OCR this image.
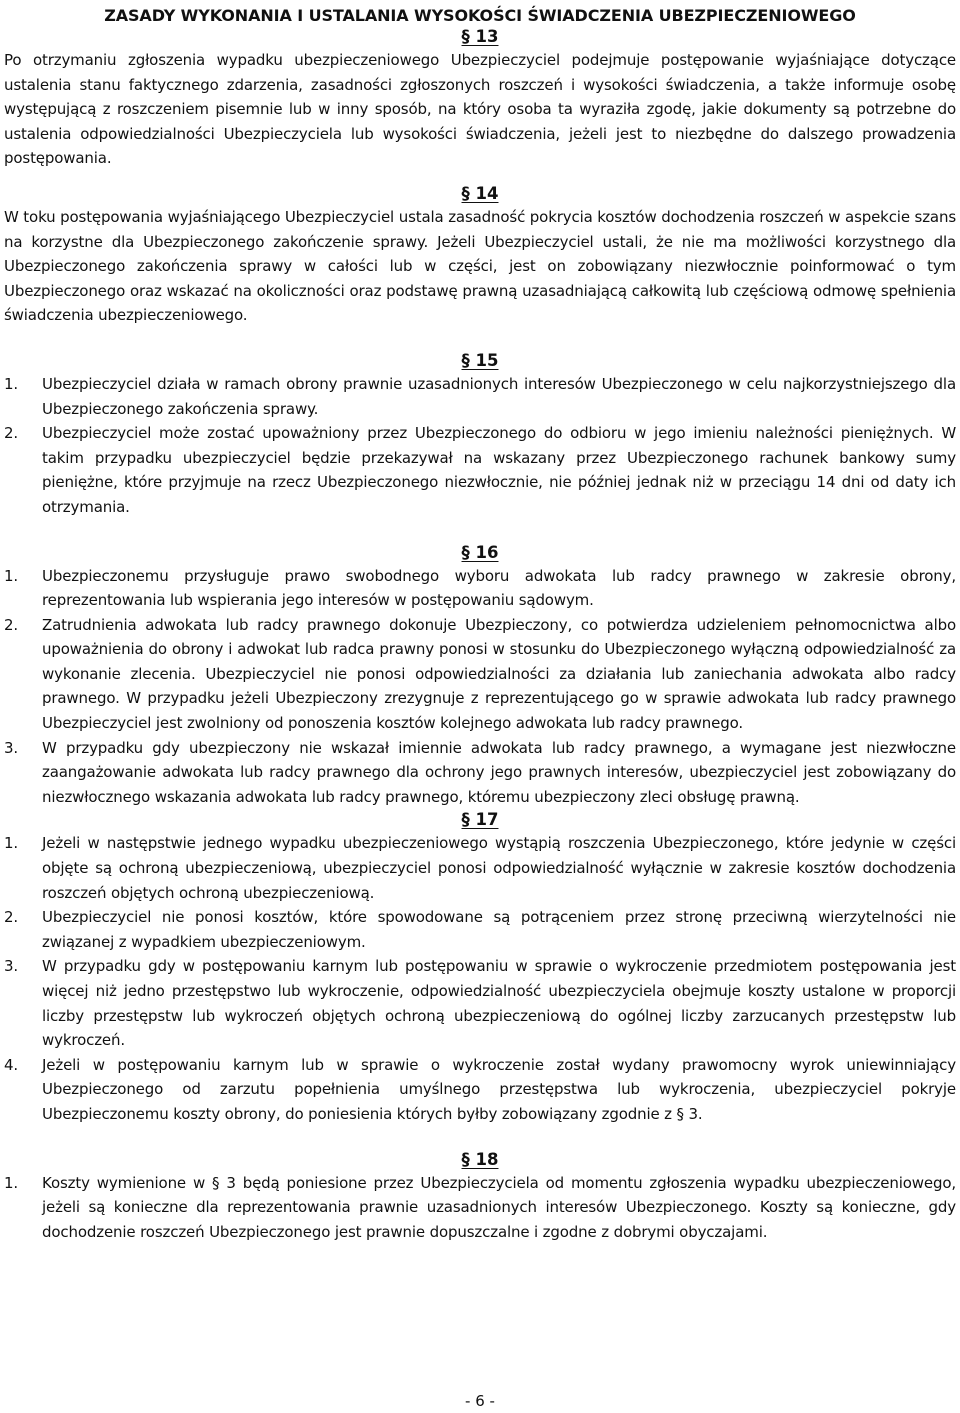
ZASADY WYKONANIA I USTALANIA WYSOKOŚCI ŚWIADCZENIA UBEZPIECZENIOWEGO
§ 13

Po otrzymaniu zgłoszenia wypadku ubezpieczeniowego Ubezpieczyciel podejmuje postępowanie wyjaśniające dotyczące ustalenia stanu faktycznego zdarzenia, zasadności zgłoszonych roszczeń i wysokości świadczenia, a także informuje osobę występującą z roszczeniem pisemnie lub w inny sposób, na który osoba ta wyraziła zgodę, jakie dokumenty są potrzebne do ustalenia odpowiedzialności Ubezpieczyciela lub wysokości świadczenia, jeżeli jest to niezbędne do dalszego prowadzenia postępowania.

§ 14

W toku postępowania wyjaśniającego Ubezpieczyciel ustala zasadność pokrycia kosztów dochodzenia roszczeń w aspekcie szans na korzystne dla Ubezpieczonego zakończenie sprawy. Jeżeli Ubezpieczyciel ustali, że nie ma możliwości korzystnego dla Ubezpieczonego zakończenia sprawy w całości lub w części, jest on zobowiązany niezwłocznie poinformować o tym Ubezpieczonego oraz wskazać na okoliczności oraz podstawę prawną uzasadniającą całkowitą lub częściową odmowę spełnienia świadczenia ubezpieczeniowego.

§ 15
1.	Ubezpieczyciel działa w ramach obrony prawnie uzasadnionych interesów Ubezpieczonego w celu najkorzystniejszego dla Ubezpieczonego zakończenia sprawy.
2.	Ubezpieczyciel może zostać upoważniony przez Ubezpieczonego do odbioru w jego imieniu należności pieniężnych. W takim przypadku ubezpieczyciel będzie przekazywał na wskazany przez Ubezpieczonego rachunek bankowy sumy pieniężne, które przyjmuje na rzecz Ubezpieczonego niezwłocznie, nie później jednak niż w przeciągu 14 dni od daty ich otrzymania.
§ 16
1.	Ubezpieczonemu przysługuje prawo swobodnego wyboru adwokata lub radcy prawnego w zakresie obrony, reprezentowania lub wspierania jego interesów w postępowaniu sądowym.
2.	Zatrudnienia adwokata lub radcy prawnego dokonuje Ubezpieczony, co potwierdza udzieleniem pełnomocnictwa albo upoważnienia do obrony i adwokat lub radca prawny ponosi w stosunku do Ubezpieczonego wyłączną odpowiedzialność za wykonanie zlecenia. Ubezpieczyciel nie ponosi odpowiedzialności za działania lub zaniechania adwokata albo radcy prawnego. W przypadku jeżeli Ubezpieczony zrezygnuje z reprezentującego go w sprawie adwokata lub radcy prawnego Ubezpieczyciel jest zwolniony od ponoszenia kosztów kolejnego adwokata lub radcy prawnego.
3.	W przypadku gdy ubezpieczony nie wskazał imiennie adwokata lub radcy prawnego, a wymagane jest niezwłoczne zaangażowanie adwokata lub radcy prawnego dla ochrony jego prawnych interesów, ubezpieczyciel jest zobowiązany do niezwłocznego wskazania adwokata lub radcy prawnego, któremu ubezpieczony zleci obsługę prawną.
§ 17
1.	Jeżeli w następstwie jednego wypadku ubezpieczeniowego wystąpią roszczenia Ubezpieczonego, które jedynie w części objęte są ochroną ubezpieczeniową, ubezpieczyciel ponosi odpowiedzialność wyłącznie w zakresie kosztów dochodzenia roszczeń objętych ochroną ubezpieczeniową.
2.	Ubezpieczyciel nie ponosi kosztów, które spowodowane są potrąceniem przez stronę przeciwną wierzytelności nie związanej z wypadkiem ubezpieczeniowym.
3.	W przypadku gdy w postępowaniu karnym lub postępowaniu w sprawie o wykroczenie przedmiotem postępowania jest więcej niż jedno przestępstwo lub wykroczenie, odpowiedzialność ubezpieczyciela obejmuje koszty ustalone w proporcji liczby przestępstw lub wykroczeń objętych ochroną ubezpieczeniową do ogólnej liczby zarzucanych przestępstw lub wykroczeń.
4.	Jeżeli w postępowaniu karnym lub w sprawie o wykroczenie został wydany prawomocny wyrok uniewinniający Ubezpieczonego od zarzutu popełnienia umyślnego przestępstwa lub wykroczenia, ubezpieczyciel pokryje Ubezpieczonemu koszty obrony, do poniesienia których byłby zobowiązany zgodnie z § 3.
§ 18
1.	Koszty wymienione w § 3 będą poniesione przez Ubezpieczyciela od momentu zgłoszenia wypadku ubezpieczeniowego, jeżeli są konieczne dla reprezentowania prawnie uzasadnionych interesów Ubezpieczonego. Koszty są konieczne, gdy dochodzenie roszczeń Ubezpieczonego jest prawnie dopuszczalne i zgodne z dobrymi obyczajami.
- 6 -
